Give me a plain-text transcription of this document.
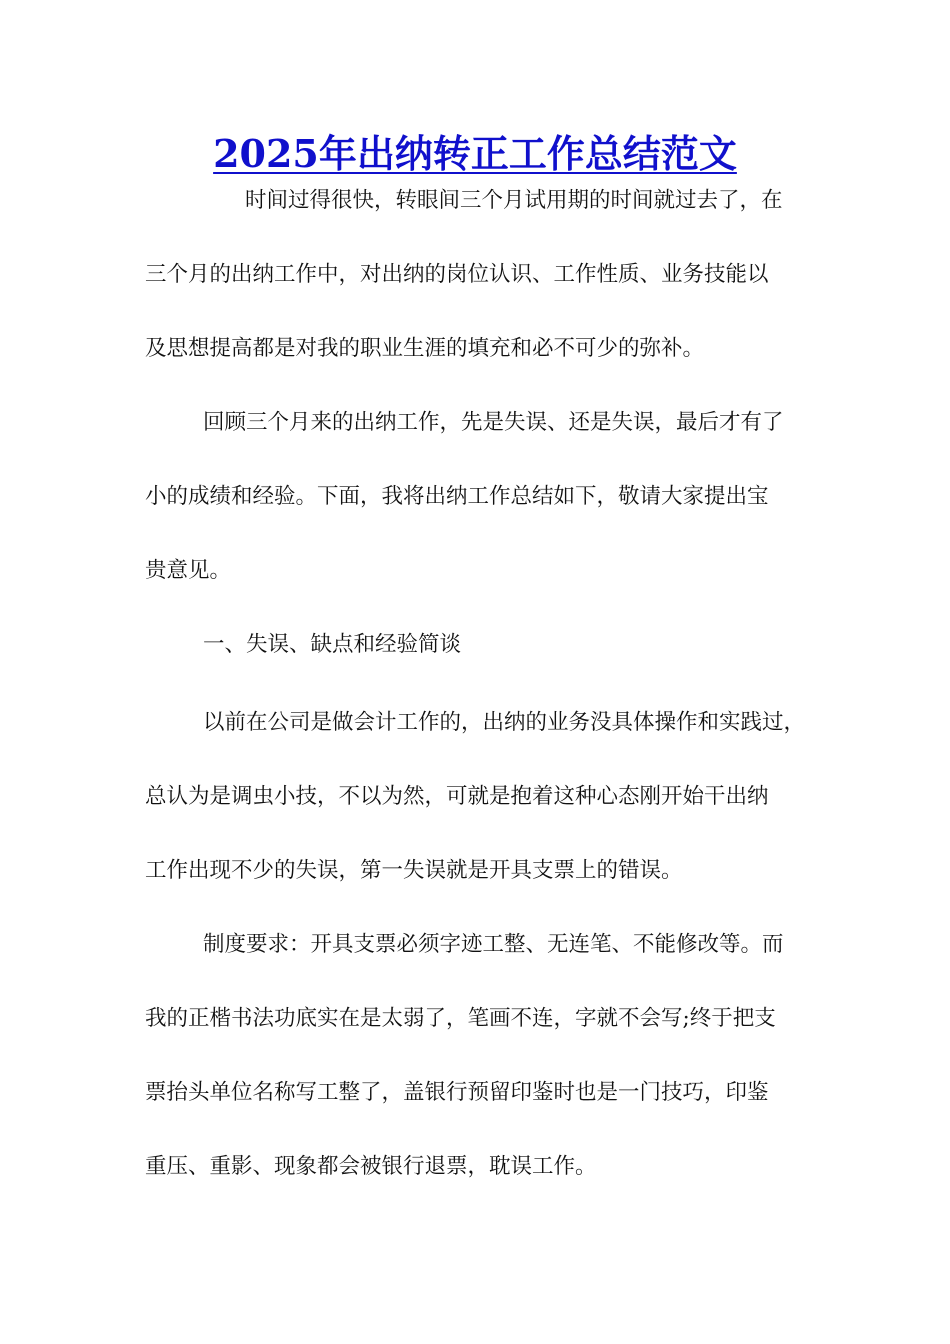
2025年出纳转正工作总结范文

时间过得很快，转眼间三个月试用期的时间就过去了，在

三个月的出纳工作中，对出纳的岗位认识、工作性质、业务技能以

及思想提高都是对我的职业生涯的填充和必不可少的弥补。

回顾三个月来的出纳工作，先是失误、还是失误，最后才有了

小的成绩和经验。下面，我将出纳工作总结如下，敬请大家提出宝

贵意见。

一、失误、缺点和经验简谈

以前在公司是做会计工作的，出纳的业务没具体操作和实践过，

总认为是调虫小技，不以为然，可就是抱着这种心态刚开始干出纳

工作出现不少的失误，第一失误就是开具支票上的错误。

制度要求：开具支票必须字迹工整、无连笔、不能修改等。而

我的正楷书法功底实在是太弱了，笔画不连，字就不会写;终于把支

票抬头单位名称写工整了，盖银行预留印鉴时也是一门技巧，印鉴

重压、重影、现象都会被银行退票，耽误工作。
